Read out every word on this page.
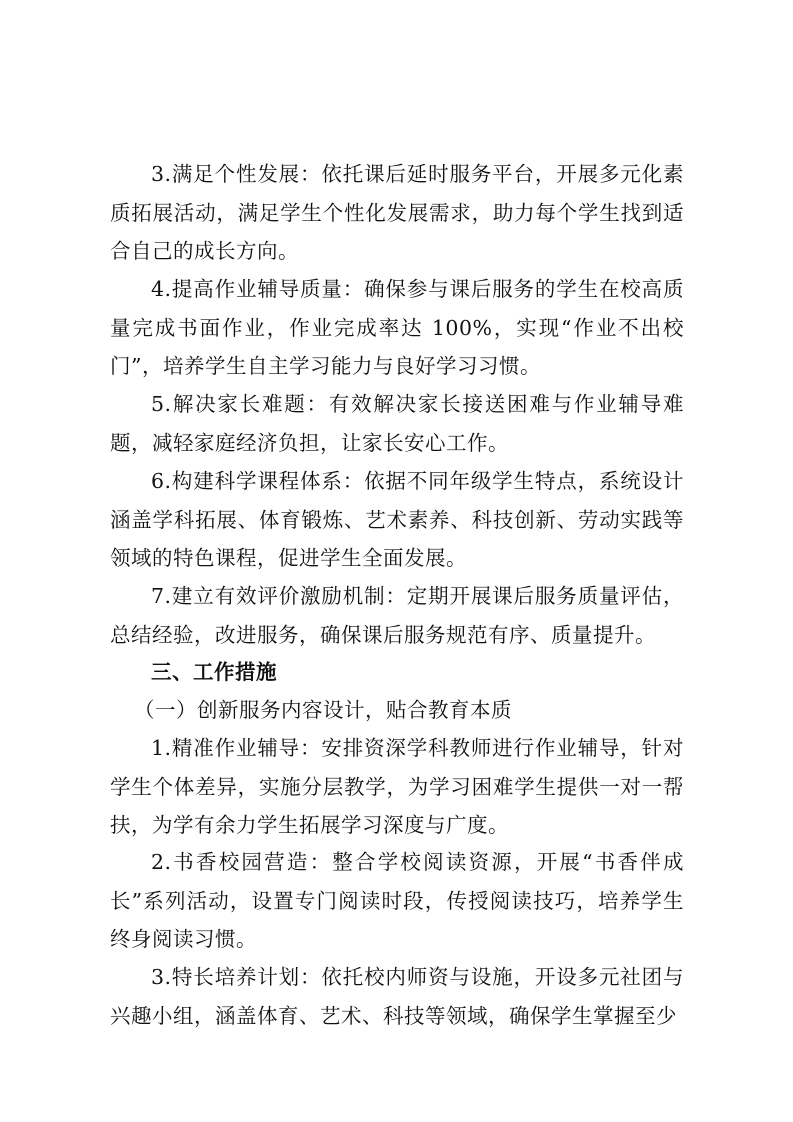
3.满足个性发展：依托课后延时服务平台，开展多元化素质拓展活动，满足学生个性化发展需求，助力每个学生找到适合自己的成长方向。

4.提高作业辅导质量：确保参与课后服务的学生在校高质量完成书面作业，作业完成率达 100%，实现“作业不出校门”，培养学生自主学习能力与良好学习习惯。

5.解决家长难题：有效解决家长接送困难与作业辅导难题，减轻家庭经济负担，让家长安心工作。

6.构建科学课程体系：依据不同年级学生特点，系统设计涵盖学科拓展、体育锻炼、艺术素养、科技创新、劳动实践等领域的特色课程，促进学生全面发展。

7.建立有效评价激励机制：定期开展课后服务质量评估，总结经验，改进服务，确保课后服务规范有序、质量提升。

三、工作措施

（一）创新服务内容设计，贴合教育本质

1.精准作业辅导：安排资深学科教师进行作业辅导，针对学生个体差异，实施分层教学，为学习困难学生提供一对一帮扶，为学有余力学生拓展学习深度与广度。

2.书香校园营造：整合学校阅读资源，开展“书香伴成长”系列活动，设置专门阅读时段，传授阅读技巧，培养学生终身阅读习惯。

3.特长培养计划：依托校内师资与设施，开设多元社团与兴趣小组，涵盖体育、艺术、科技等领域，确保学生掌握至少
